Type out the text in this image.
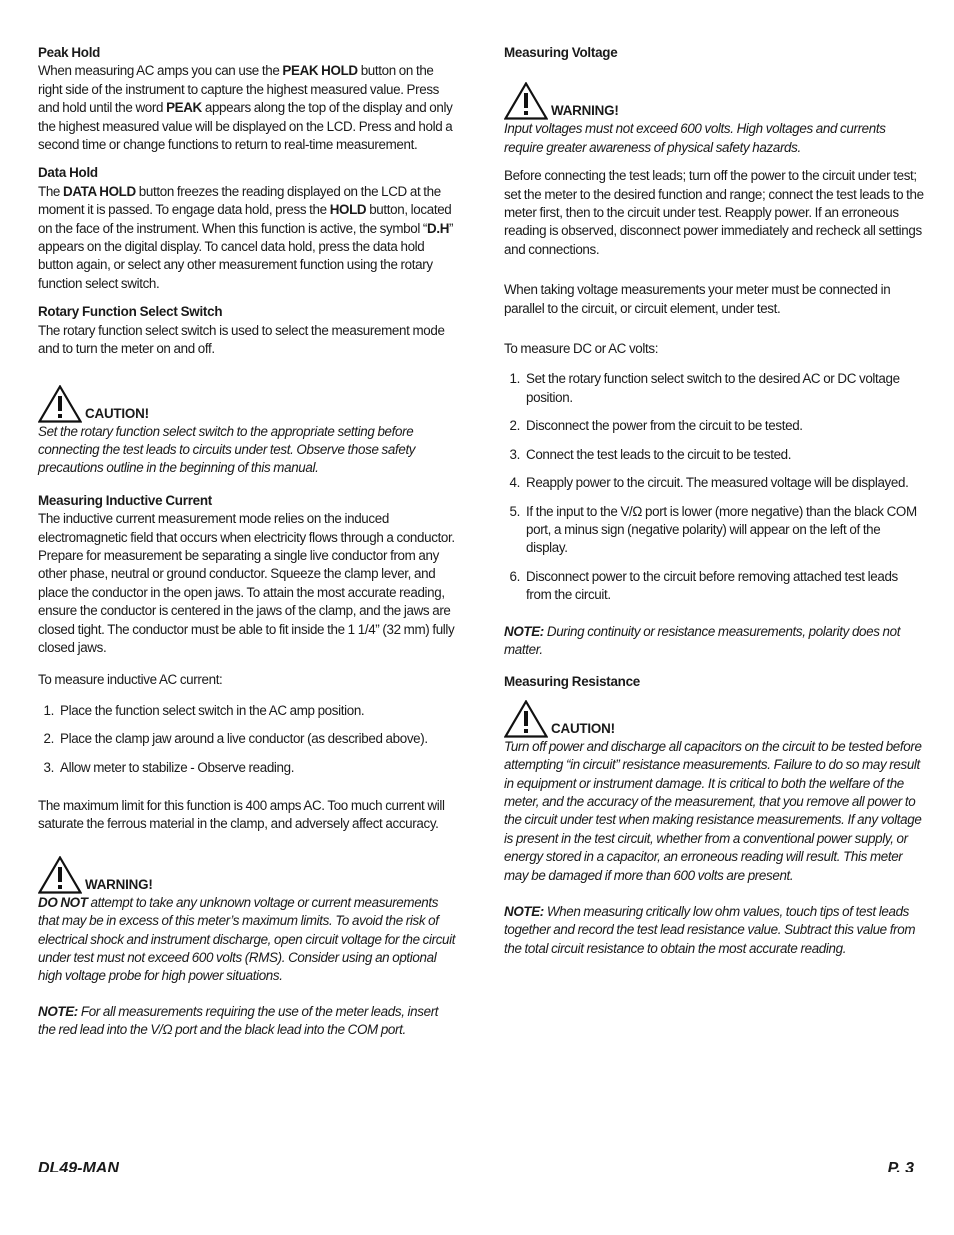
Peak Hold

When measuring AC amps you can use the PEAK HOLD button on the right side of the instrument to capture the highest measured value. Press and hold until the word PEAK appears along the top of the display and only the highest measured value will be displayed on the LCD. Press and hold a second time or change functions to return to real-time measurement.

Data Hold

The DATA HOLD button freezes the reading displayed on the LCD at the moment it is passed. To engage data hold, press the HOLD button, located on the face of the instrument. When this function is active, the symbol “D.H” appears on the digital display. To cancel data hold, press the data hold button again, or select any other measurement function using the rotary function select switch.

Rotary Function Select Switch

The rotary function select switch is used to select the measurement mode and to turn the meter on and off.

CAUTION!

Set the rotary function select switch to the appropriate setting before connecting the test leads to circuits under test. Observe those safety precautions outline in the beginning of this manual.

Measuring Inductive Current

The inductive current measurement mode relies on the induced electromagnetic field that occurs when electricity flows through a conductor. Prepare for measurement be separating a single live conductor from any other phase, neutral or ground conductor. Squeeze the clamp lever, and place the conductor in the open jaws. To attain the most accurate reading, ensure the conductor is centered in the jaws of the clamp, and the jaws are closed tight. The conductor must be able to fit inside the 1 1/4” (32 mm) fully closed jaws.

To measure inductive AC current:

1. Place the function select switch in the AC amp position.
2. Place the clamp jaw around a live conductor (as described above).
3. Allow meter to stabilize - Observe reading.

The maximum limit for this function is 400 amps AC. Too much current will saturate the ferrous material in the clamp, and adversely affect accuracy.

WARNING!

DO NOT attempt to take any unknown voltage or current measurements that may be in excess of this meter’s maximum limits. To avoid the risk of electrical shock and instrument discharge, open circuit voltage for the circuit under test must not exceed 600 volts (RMS). Consider using an optional high voltage probe for high power situations.

NOTE: For all measurements requiring the use of the meter leads, insert the red lead into the V/Ω port and the black lead into the COM port.

Measuring Voltage
WARNING!

Input voltages must not exceed 600 volts. High voltages and currents require greater awareness of physical safety hazards.

Before connecting the test leads; turn off the power to the circuit under test; set the meter to the desired function and range; connect the test leads to the meter first, then to the circuit under test. Reapply power. If an erroneous reading is observed, disconnect power immediately and recheck all settings and connections.

When taking voltage measurements your meter must be connected in parallel to the circuit, or circuit element, under test.

To measure DC or AC volts:

1. Set the rotary function select switch to the desired AC or DC voltage position.
2. Disconnect the power from the circuit to be tested.
3. Connect the test leads to the circuit to be tested.
4. Reapply power to the circuit. The measured voltage will be displayed.
5. If the input to the V/Ω port is lower (more negative) than the black COM port, a minus sign (negative polarity) will appear on the left of the display.
6. Disconnect power to the circuit before removing attached test leads from the circuit.

NOTE: During continuity or resistance measurements, polarity does not matter.

Measuring Resistance
CAUTION!

Turn off power and discharge all capacitors on the circuit to be tested before attempting “in circuit” resistance measurements. Failure to do so may result in equipment or instrument damage. It is critical to both the welfare of the meter, and the accuracy of the measurement, that you remove all power to the circuit under test when making resistance measurements. If any voltage is present in the test circuit, whether from a conventional power supply, or energy stored in a capacitor, an erroneous reading will result. This meter may be damaged if more than 600 volts are present.

NOTE: When measuring critically low ohm values, touch tips of test leads together and record the test lead resistance value. Subtract this value from the total circuit resistance to obtain the most accurate reading.

DL49-MAN	P. 3
